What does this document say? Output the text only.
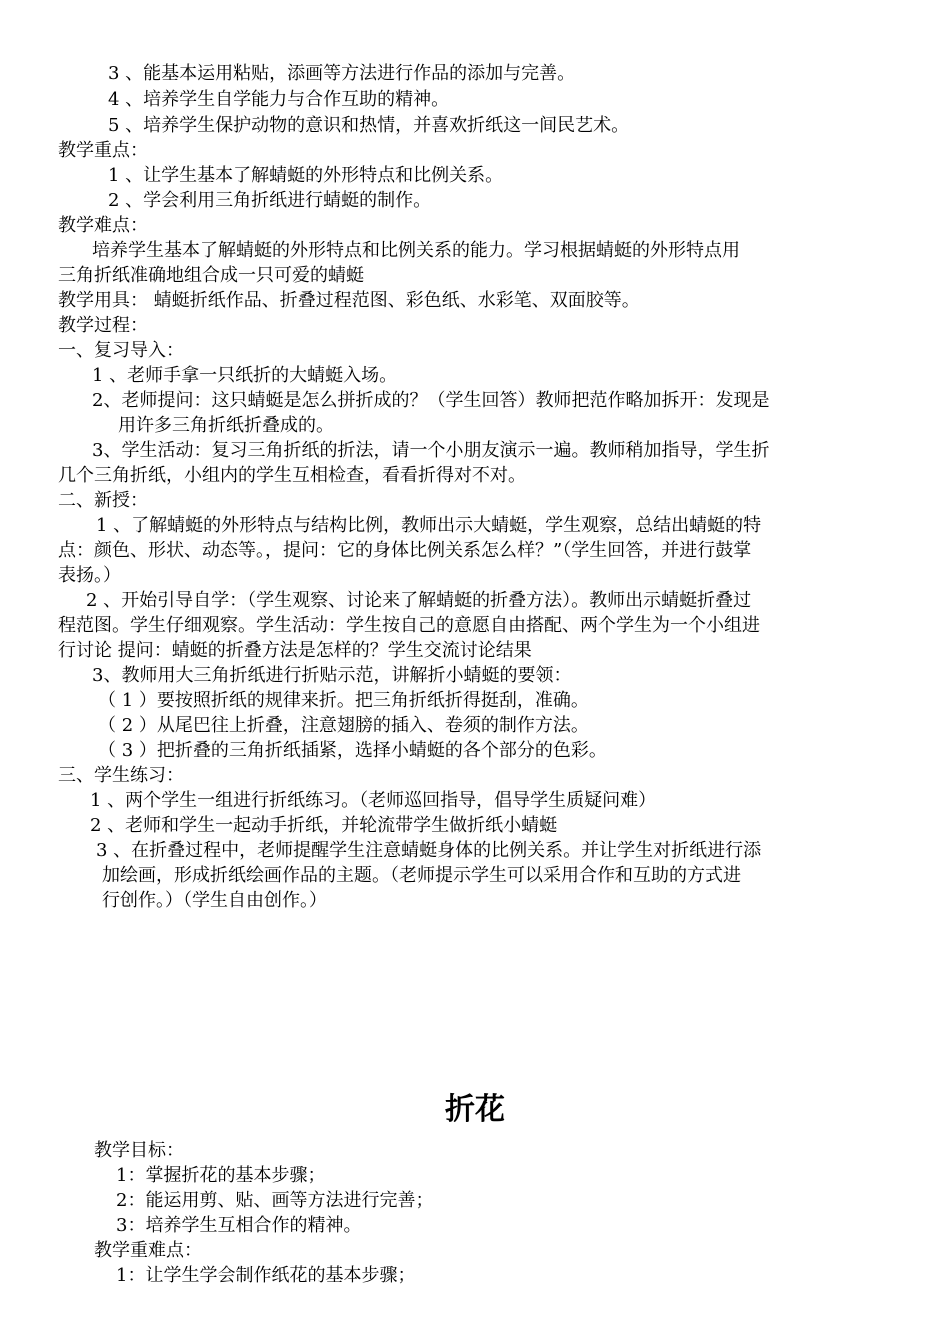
3 、能基本运用粘贴，添画等方法进行作品的添加与完善。
4 、培养学生自学能力与合作互助的精神。
5 、培养学生保护动物的意识和热情，并喜欢折纸这一间民艺术。
教学重点：
1 、让学生基本了解蜻蜓的外形特点和比例关系。
2 、学会利用三角折纸进行蜻蜓的制作。
教学难点：
培养学生基本了解蜻蜓的外形特点和比例关系的能力。学习根据蜻蜓的外形特点用
三角折纸准确地组合成一只可爱的蜻蜓
教学用具： 蜻蜓折纸作品、折叠过程范图、彩色纸、水彩笔、双面胶等。
教学过程：
一、复习导入：
1 、老师手拿一只纸折的大蜻蜓入场。
2、老师提问：这只蜻蜓是怎么拼折成的？（学生回答）教师把范作略加拆开：发现是
用许多三角折纸折叠成的。
3、学生活动：复习三角折纸的折法，请一个小朋友演示一遍。教师稍加指导，学生折
几个三角折纸，小组内的学生互相检查，看看折得对不对。
二、新授：
1 、了解蜻蜓的外形特点与结构比例，教师出示大蜻蜓，学生观察，总结出蜻蜓的特
点：颜色、形状、动态等。，提问：它的身体比例关系怎么样？”（学生回答，并进行鼓掌
表扬。）
2 、开始引导自学：（学生观察、讨论来了解蜻蜓的折叠方法）。教师出示蜻蜓折叠过
程范图。学生仔细观察。学生活动：学生按自己的意愿自由搭配、两个学生为一个小组进
行讨论 提问：蜻蜓的折叠方法是怎样的？学生交流讨论结果
3、教师用大三角折纸进行折贴示范，讲解折小蜻蜓的要领：
（ 1 ）要按照折纸的规律来折。把三角折纸折得挺刮，准确。
（ 2 ）从尾巴往上折叠，注意翅膀的插入、卷须的制作方法。
（ 3 ）把折叠的三角折纸插紧，选择小蜻蜓的各个部分的色彩。
三、学生练习：
1 、两个学生一组进行折纸练习。（老师巡回指导，倡导学生质疑问难）
2 、老师和学生一起动手折纸，并轮流带学生做折纸小蜻蜓
3 、在折叠过程中，老师提醒学生注意蜻蜓身体的比例关系。并让学生对折纸进行添
加绘画，形成折纸绘画作品的主题。（老师提示学生可以采用合作和互助的方式进
行创作。）（学生自由创作。）
折花
教学目标：
1：掌握折花的基本步骤；
2：能运用剪、贴、画等方法进行完善；
3：培养学生互相合作的精神。
教学重难点：
1：让学生学会制作纸花的基本步骤；
